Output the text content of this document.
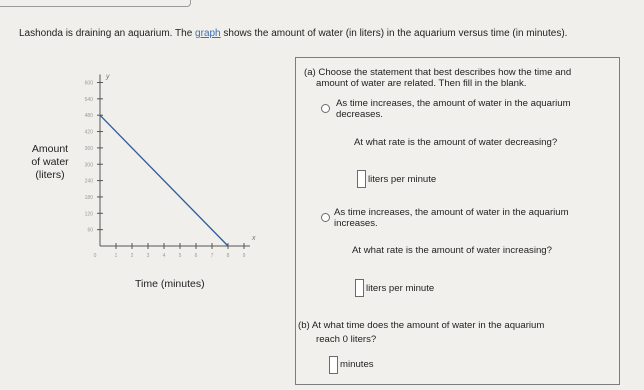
Lashonda is draining an aquarium. The graph shows the amount of water (in liters) in the aquarium versus time (in minutes).
y
x
600
540
480
420
360
300
240
180
120
60
1	2	3	4	5	6	7	8	9
0
Amount
of water
(liters)
Time (minutes)
(a) Choose the statement that best describes how the time and
amount of water are related. Then fill in the blank.
As time increases, the amount of water in the aquarium
decreases.
At what rate is the amount of water decreasing?
liters per minute
As time increases, the amount of water in the aquarium
increases.
At what rate is the amount of water increasing?
liters per minute
(b) At what time does the amount of water in the aquarium
reach 0 liters?
minutes
